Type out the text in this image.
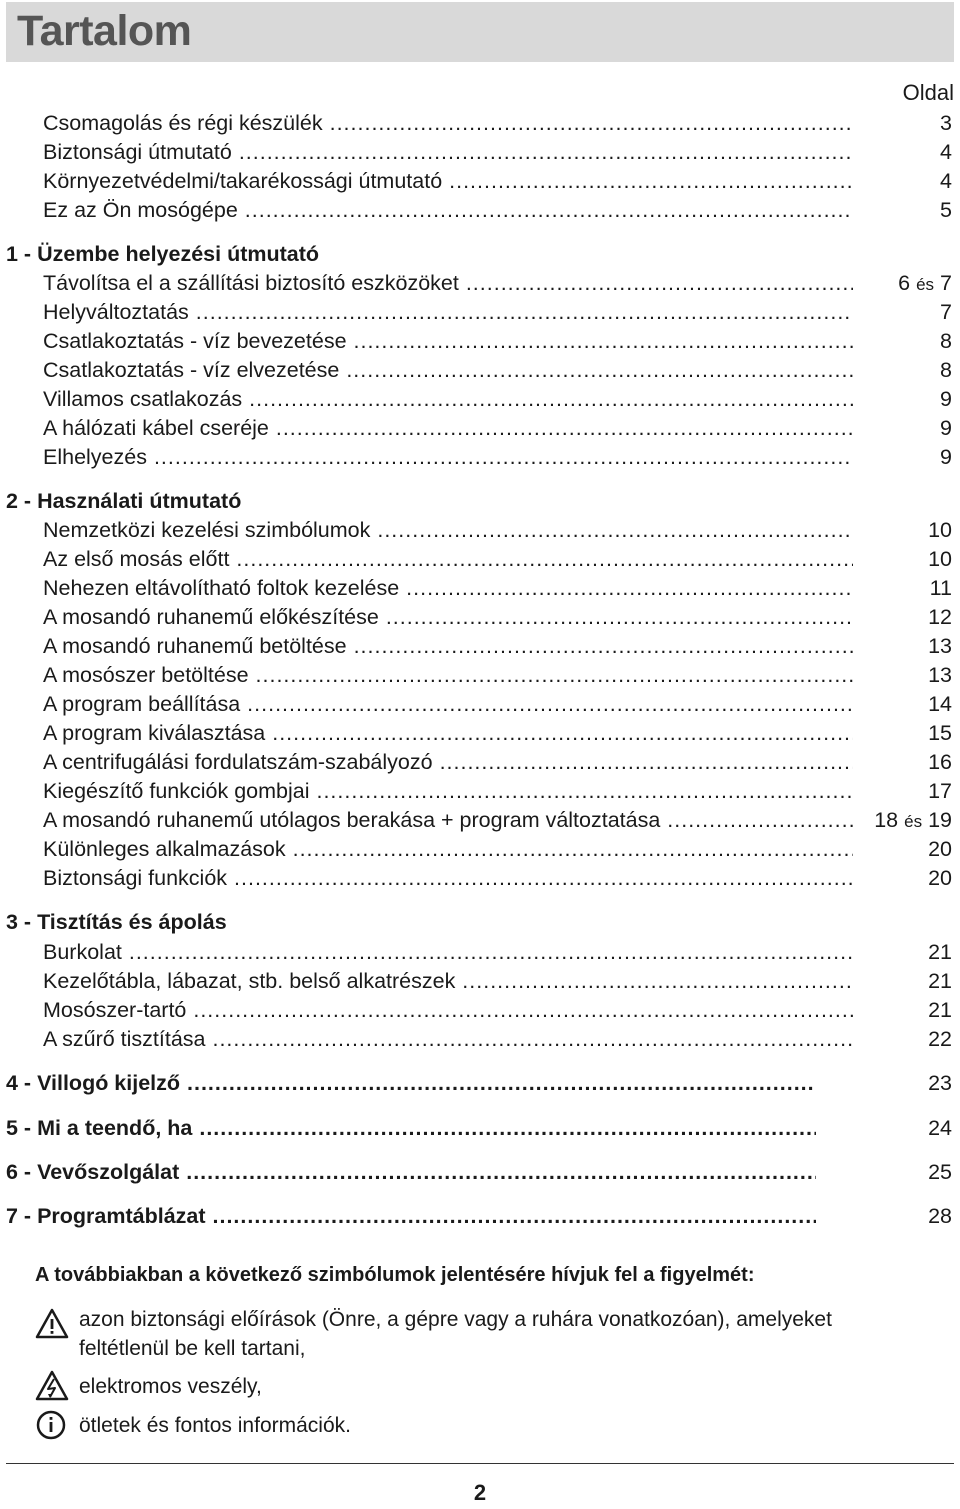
Tartalom
Oldal
Csomagolás és régi készülék .....	3
Biztonsági útmutató .....	4
Környezetvédelmi/takarékossági útmutató .....	4
Ez az Ön mosógépe .....	5
1 - Üzembe helyezési útmutató
Távolítsa el a szállítási biztosító eszközöket .....	6 és 7
Helyváltoztatás .....	7
Csatlakoztatás - víz bevezetése .....	8
Csatlakoztatás - víz elvezetése .....	8
Villamos csatlakozás .....	9
A hálózati kábel cseréje .....	9
Elhelyezés .....	9
2 - Használati útmutató
Nemzetközi kezelési szimbólumok .....	10
Az első mosás előtt .....	10
Nehezen eltávolítható foltok kezelése .....	11
A mosandó ruhanemű előkészítése .....	12
A mosandó ruhanemű betöltése .....	13
A mosószer betöltése .....	13
A program beállítása .....	14
A program kiválasztása .....	15
A centrifugálási fordulatszám-szabályozó .....	16
Kiegészítő funkciók gombjai .....	17
A mosandó ruhanemű utólagos berakása + program változtatása .....	18 és 19
Különleges alkalmazások .....	20
Biztonsági funkciók .....	20
3 - Tisztítás és ápolás
Burkolat .....	21
Kezelőtábla, lábazat, stb. belső alkatrészek .....	21
Mosószer-tartó .....	21
A szűrő tisztítása .....	22
4 - Villogó kijelző .....	23
5 - Mi a teendő, ha .....	24
6 - Vevőszolgálat .....	25
7 - Programtáblázat .....	28
A továbbiakban a következő szimbólumok jelentésére hívjuk fel a figyelmét:
azon biztonsági előírások (Önre, a gépre vagy a ruhára vonatkozóan), amelyeket
feltétlenül be kell tartani,
elektromos veszély,
ötletek és fontos információk.
2
